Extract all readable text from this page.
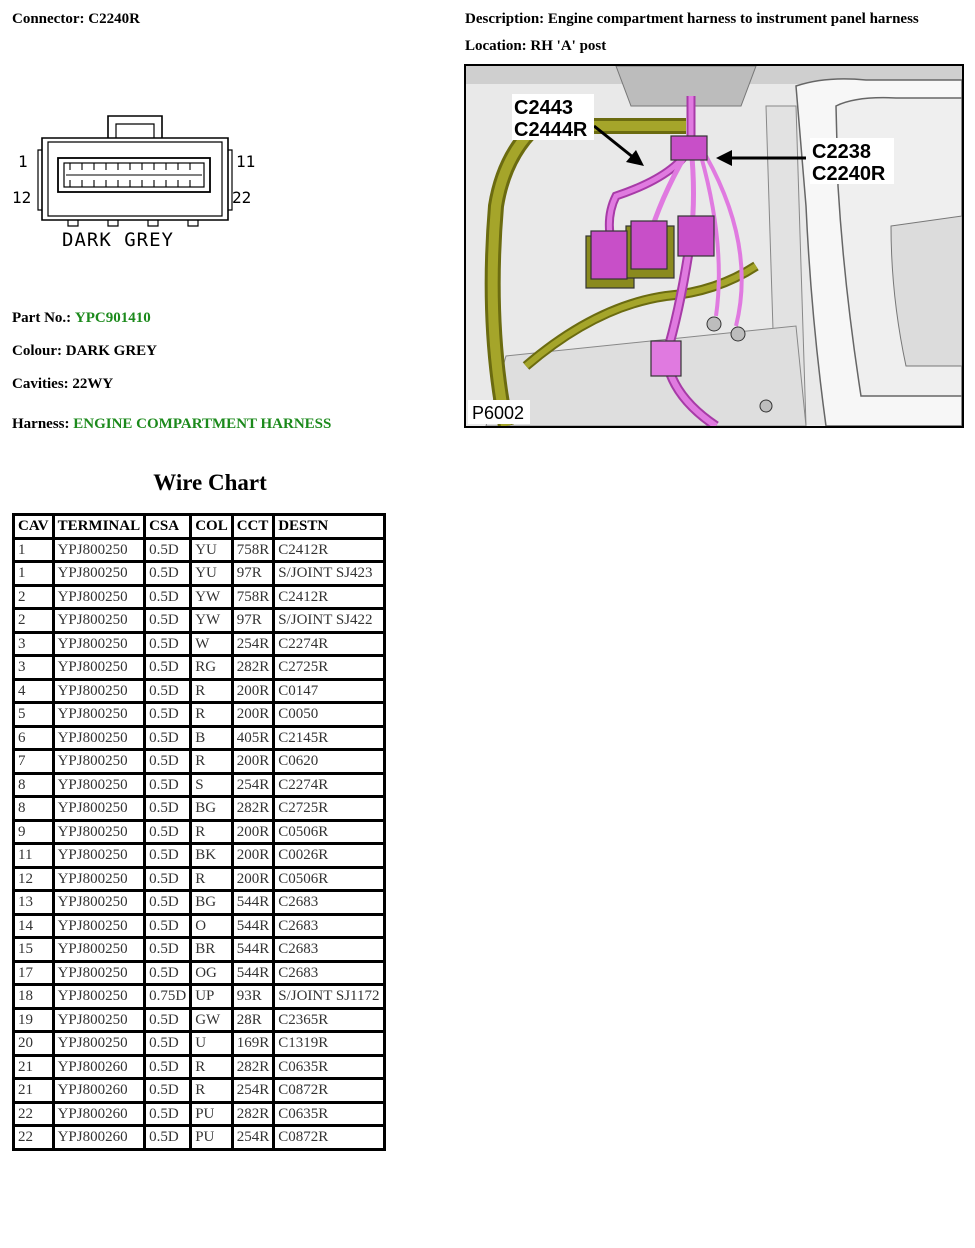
Connector: C2240R	Description: Engine compartment harness to instrument panel harness
Location: RH 'A' post
1	11
12	22
DARK GREY
Part No.: YPC901410
Colour: DARK GREY
Cavities: 22WY
Harness: ENGINE COMPARTMENT HARNESS
C2443
C2444R
C2238
C2240R
P6002
Wire Chart
CAV	TERMINAL	CSA	COL	CCT	DESTN
1	YPJ800250	0.5D	YU	758R	C2412R
1	YPJ800250	0.5D	YU	97R	S/JOINT SJ423
2	YPJ800250	0.5D	YW	758R	C2412R
2	YPJ800250	0.5D	YW	97R	S/JOINT SJ422
3	YPJ800250	0.5D	W	254R	C2274R
3	YPJ800250	0.5D	RG	282R	C2725R
4	YPJ800250	0.5D	R	200R	C0147
5	YPJ800250	0.5D	R	200R	C0050
6	YPJ800250	0.5D	B	405R	C2145R
7	YPJ800250	0.5D	R	200R	C0620
8	YPJ800250	0.5D	S	254R	C2274R
8	YPJ800250	0.5D	BG	282R	C2725R
9	YPJ800250	0.5D	R	200R	C0506R
11	YPJ800250	0.5D	BK	200R	C0026R
12	YPJ800250	0.5D	R	200R	C0506R
13	YPJ800250	0.5D	BG	544R	C2683
14	YPJ800250	0.5D	O	544R	C2683
15	YPJ800250	0.5D	BR	544R	C2683
17	YPJ800250	0.5D	OG	544R	C2683
18	YPJ800250	0.75D	UP	93R	S/JOINT SJ1172
19	YPJ800250	0.5D	GW	28R	C2365R
20	YPJ800250	0.5D	U	169R	C1319R
21	YPJ800260	0.5D	R	282R	C0635R
21	YPJ800260	0.5D	R	254R	C0872R
22	YPJ800260	0.5D	PU	282R	C0635R
22	YPJ800260	0.5D	PU	254R	C0872R
